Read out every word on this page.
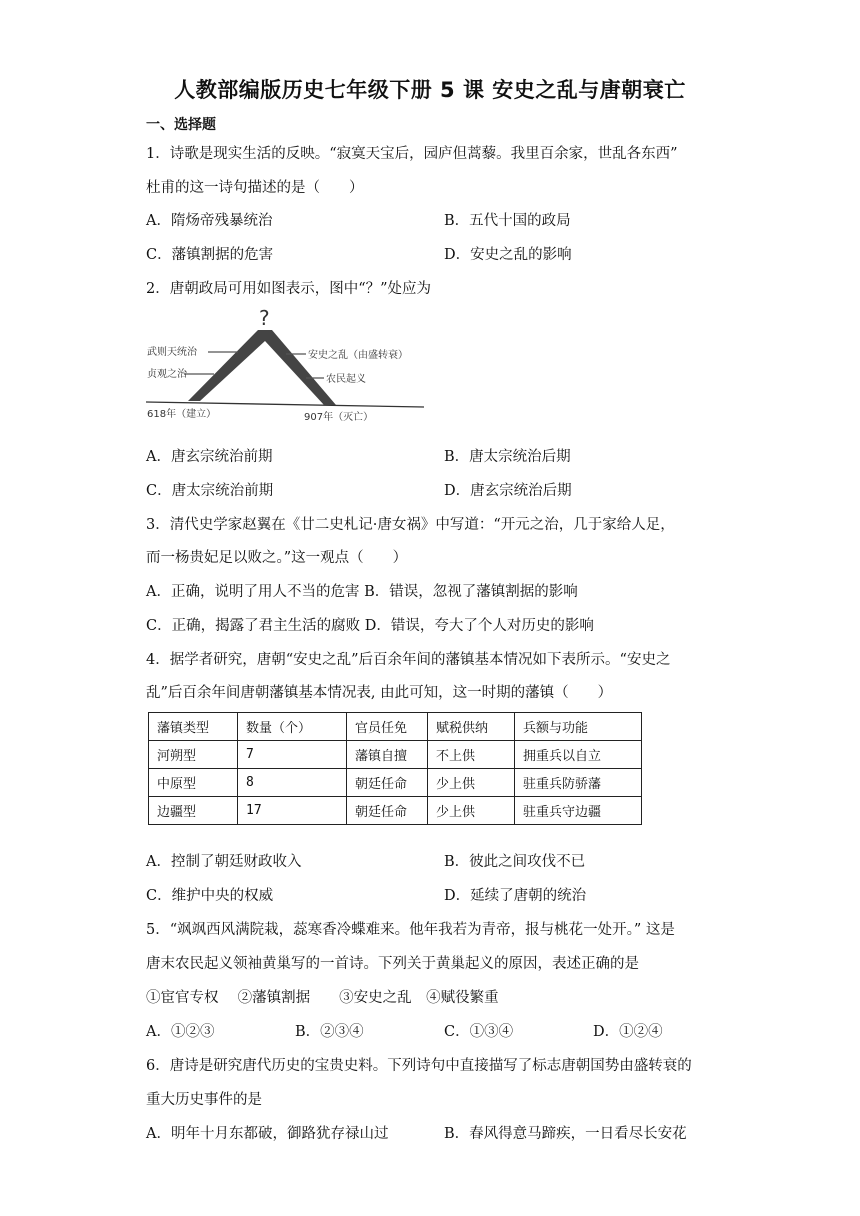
人教部编版历史七年级下册 5 课 安史之乱与唐朝衰亡
一、选择题
1．诗歌是现实生活的反映。“寂寞天宝后，园庐但蒿藜。我里百余家，世乱各东西”
杜甫的这一诗句描述的是（　　）
A．隋炀帝残暴统治	B．五代十国的政局
C．藩镇割据的危害	D．安史之乱的影响
2．唐朝政局可用如图表示，图中“？”处应为
?
武则天统治
贞观之治
618年（建立）
安史之乱（由盛转衰）
农民起义
907年（灭亡）
A．唐玄宗统治前期	B．唐太宗统治后期
C．唐太宗统治前期	D．唐玄宗统治后期
3．清代史学家赵翼在《廿二史札记·唐女祸》中写道：“开元之治，几于家给人足，
而一杨贵妃足以败之。”这一观点（　　）
A．正确，说明了用人不当的危害 B．错误，忽视了藩镇割据的影响
C．正确，揭露了君主生活的腐败 D．错误，夸大了个人对历史的影响
4．据学者研究，唐朝“安史之乱”后百余年间的藩镇基本情况如下表所示。“安史之
乱”后百余年间唐朝藩镇基本情况表, 由此可知，这一时期的藩镇（　　）
藩镇类型	数量（个）	官员任免	赋税供纳	兵额与功能
河朔型	7	藩镇自擅	不上供	拥重兵以自立
中原型	8	朝廷任命	少上供	驻重兵防骄藩
边疆型	17	朝廷任命	少上供	驻重兵守边疆
A．控制了朝廷财政收入	B．彼此之间攻伐不已
C．维护中央的权威	D．延续了唐朝的统治
5．“飒飒西风满院栽，蕊寒香冷蝶难来。他年我若为青帝，报与桃花一处开。” 这是
唐末农民起义领袖黄巢写的一首诗。下列关于黄巢起义的原因，表述正确的是
①宦官专权　 ②藩镇割据　　③安史之乱　④赋役繁重
A．①②③	B．②③④	C．①③④	D．①②④
6．唐诗是研究唐代历史的宝贵史料。下列诗句中直接描写了标志唐朝国势由盛转衰的
重大历史事件的是
A．明年十月东都破，御路犹存禄山过	B．春风得意马蹄疾，一日看尽长安花
